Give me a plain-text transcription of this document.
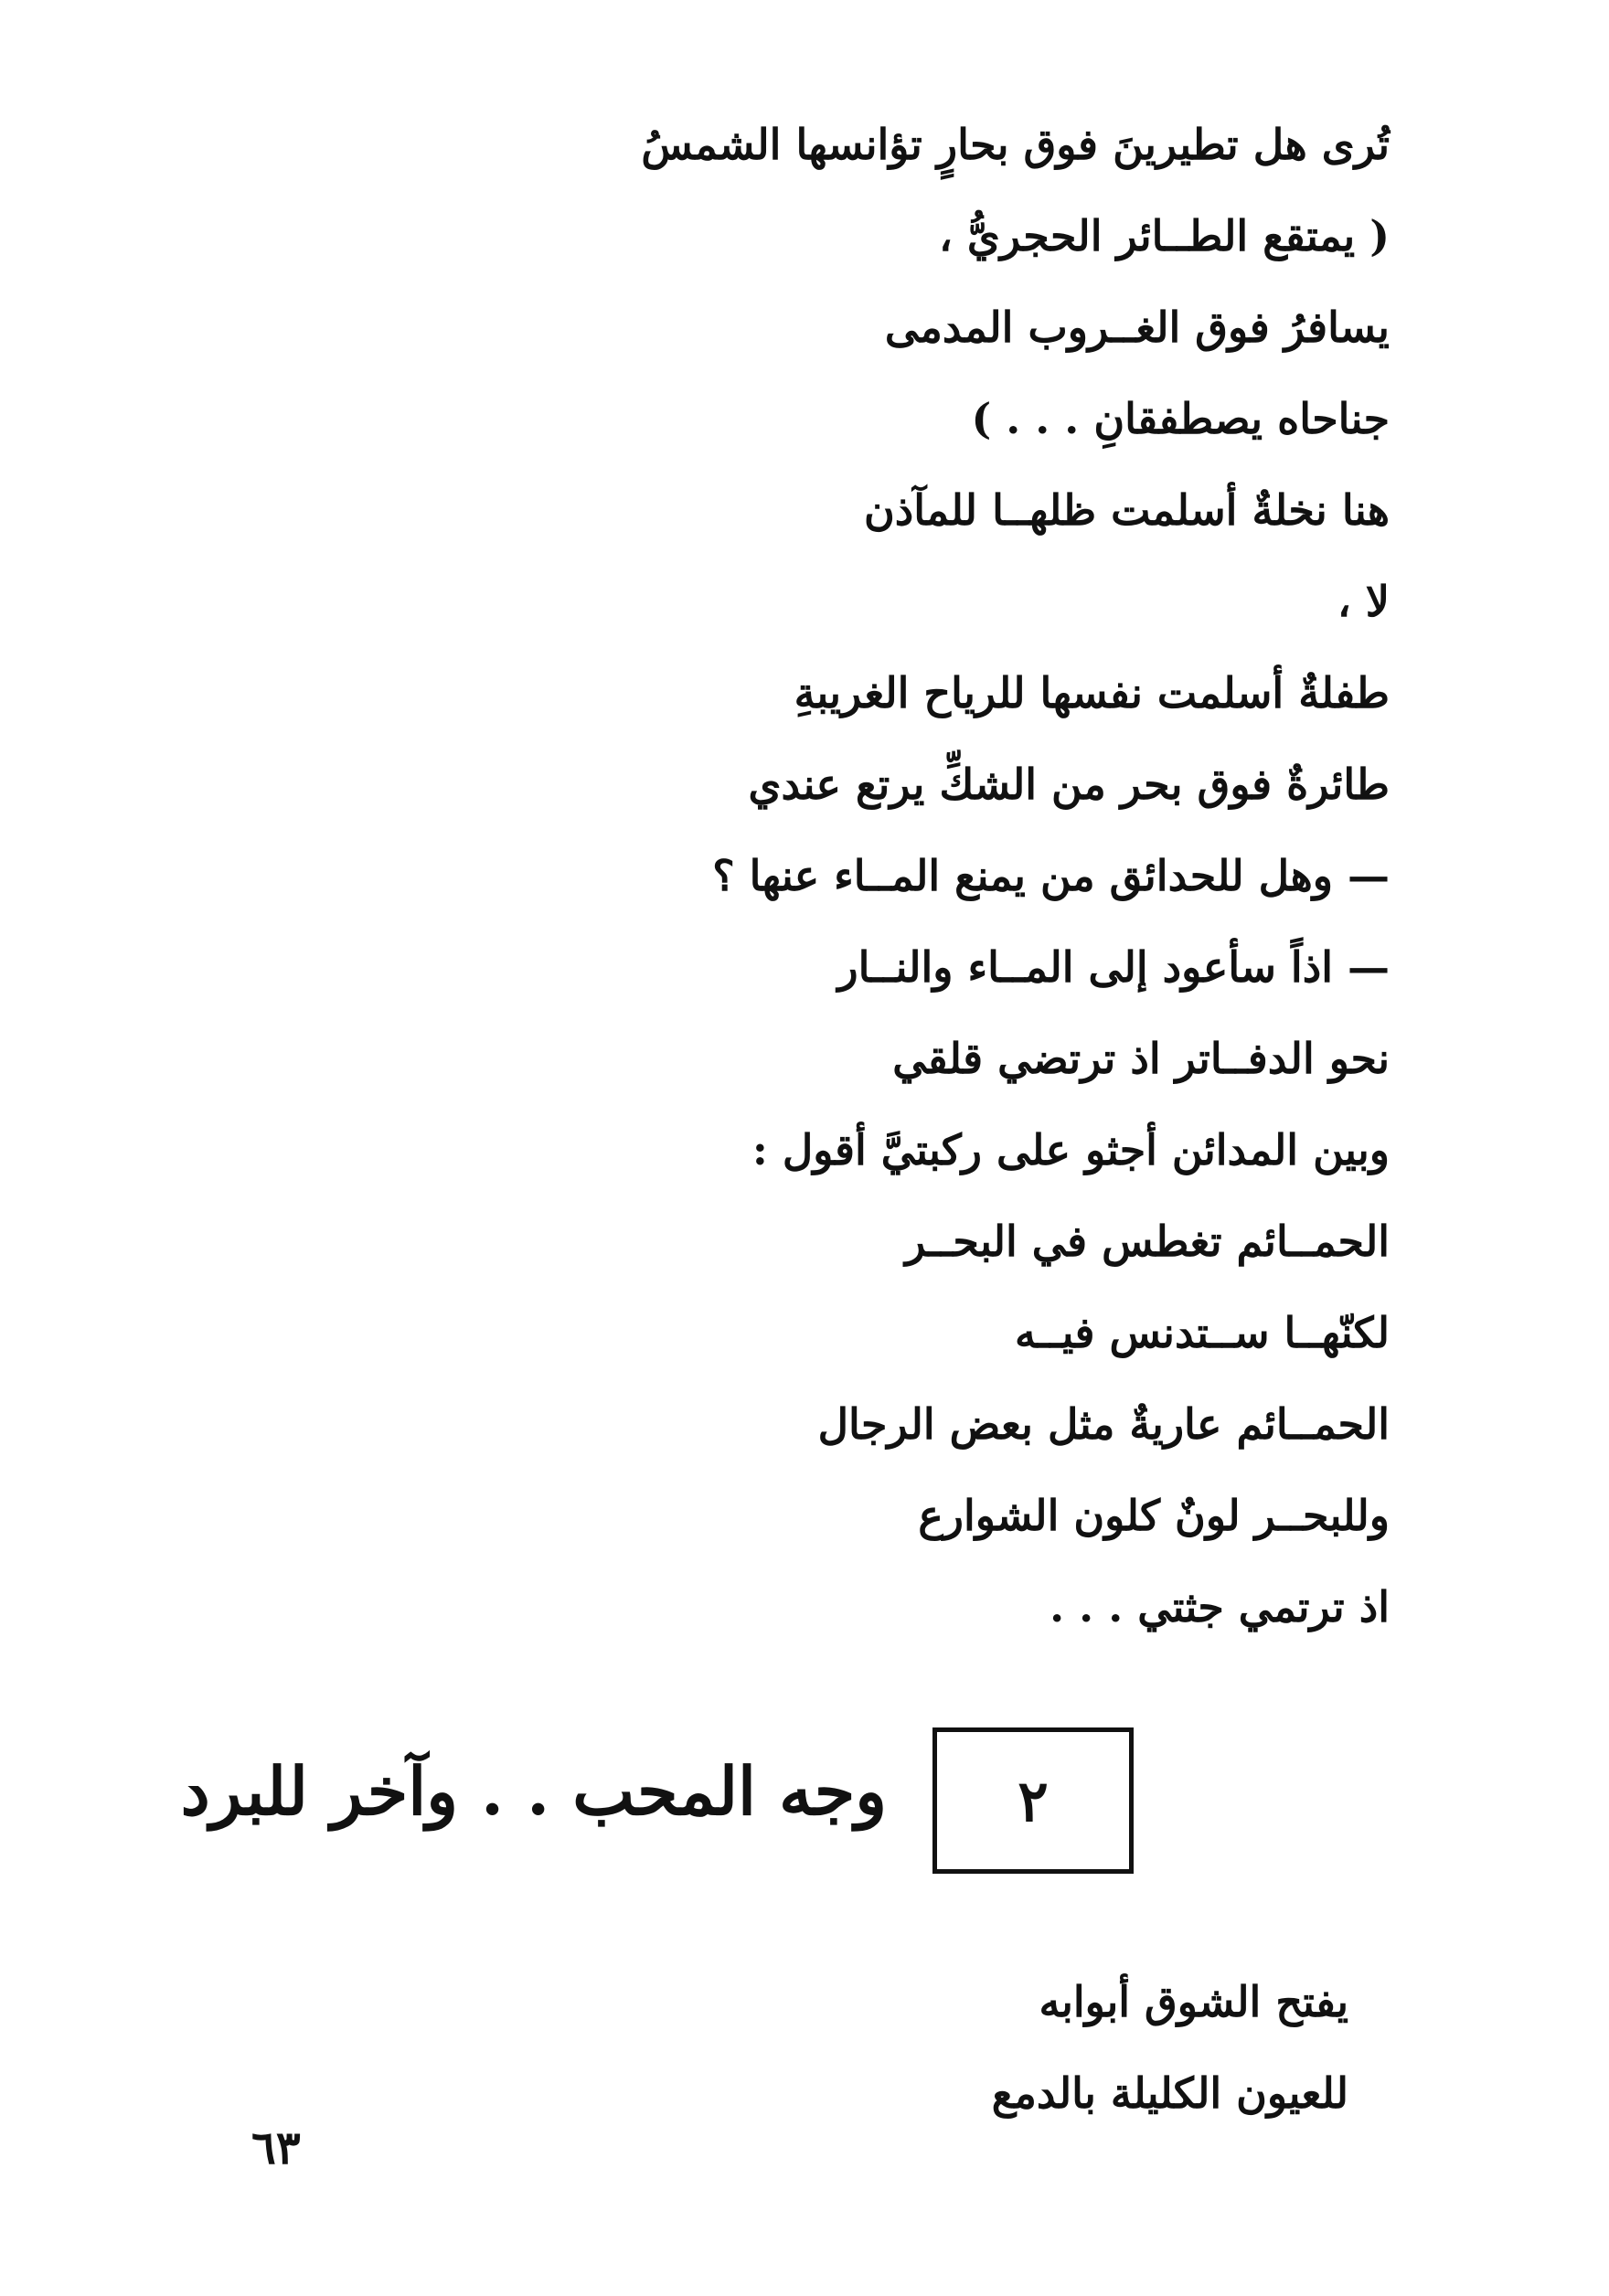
تُرى هل تطيرينَ فوق بحارٍ تؤانسها الشمسُ
( يمتقع الطــائر الحجريُّ ،
يسافرُ فوق الغــروب المدمى
جناحاه يصطفقانِ . . . )
هنا نخلةٌ أسلمت ظلهــا للمآذن
لا ،
طفلةٌ أسلمت نفسها للرياح الغريبةِ
طائرةٌ فوق بحر من الشكِّ يرتع عندي
— وهل للحدائق من يمنع المــاء عنها ؟
— اذاً سأعود إلى المــاء والنــار
نحو الدفــاتر اذ ترتضي قلقي
وبين المدائن أجثو على ركبتيَّ أقول :
الحمــائم تغطس في البحــر
لكنّهــا ســتدنس فيــه
الحمــائم عاريةٌ مثل بعض الرجال
وللبحــر لونٌ كلون الشوارع
اذ ترتمي جثتي . . .
٢
وجه المحب . . وآخر للبرد
يفتح الشوق أبوابه
للعيون الكليلة بالدمع
٦٣
